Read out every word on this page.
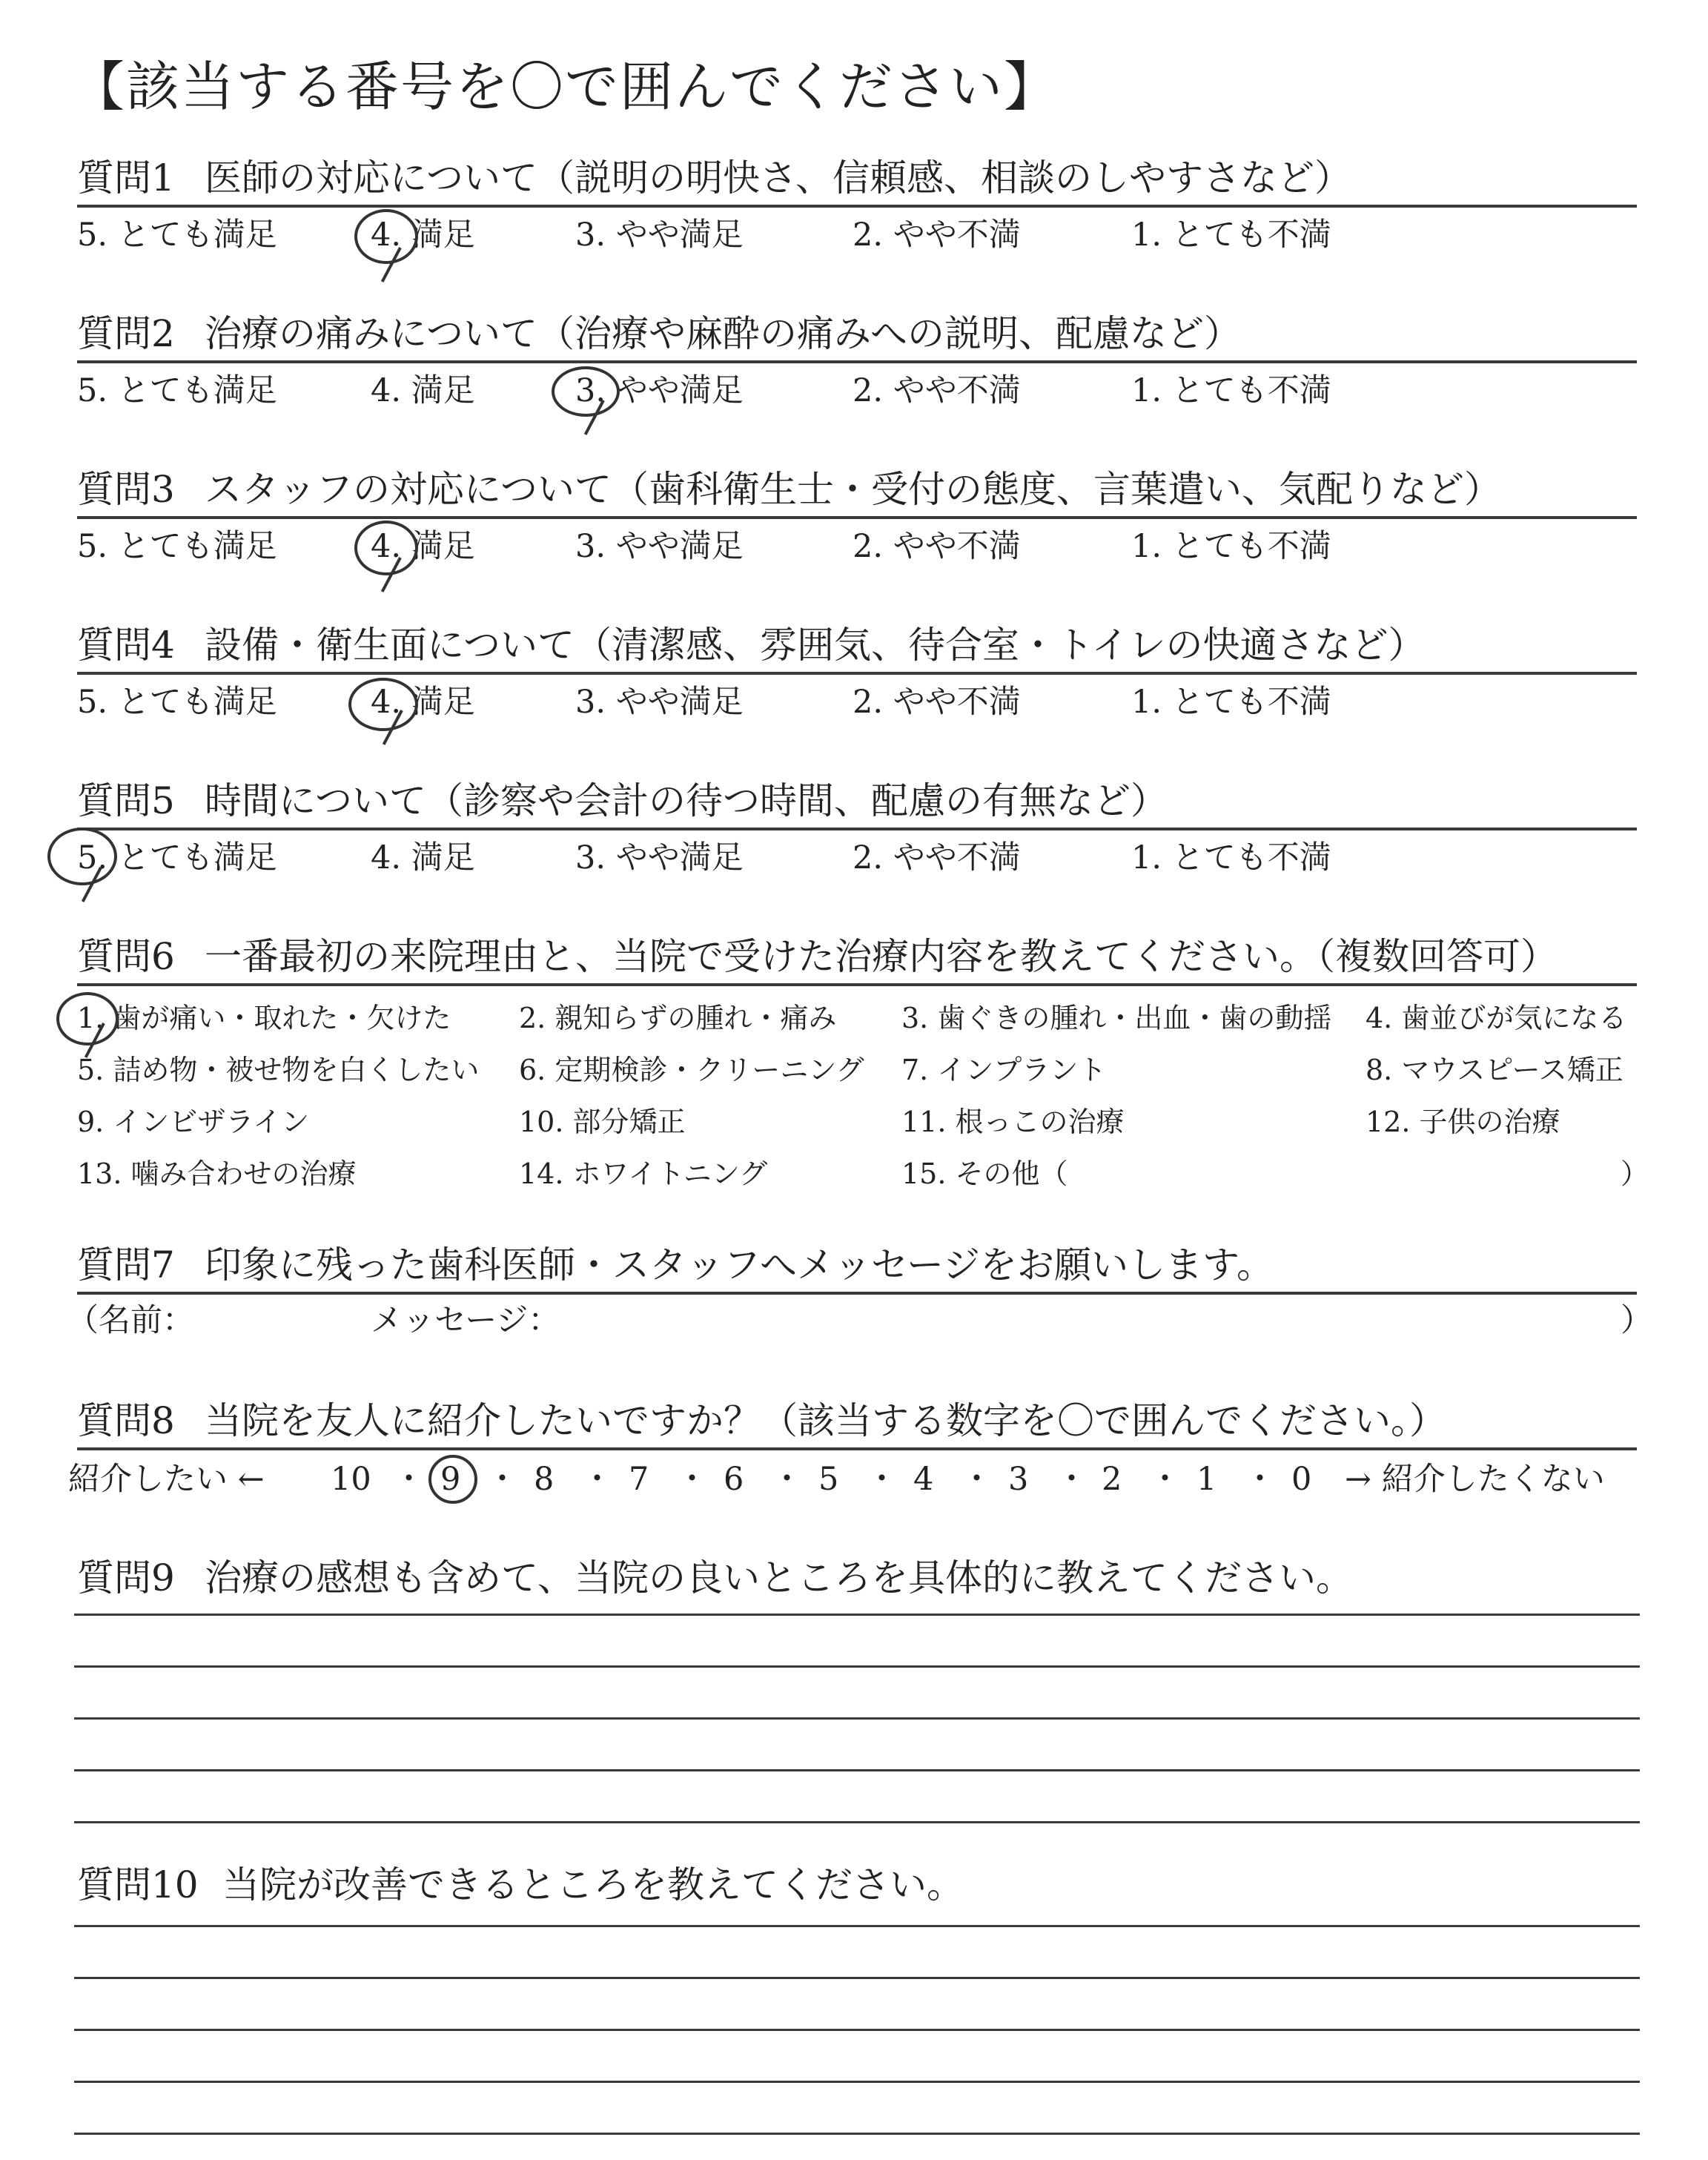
【該当する番号を〇で囲んでください】
質問1 医師の対応について（説明の明快さ、信頼感、相談のしやすさなど）
5. とても満足	4. 満足	3. やや満足	2. やや不満	1. とても不満
質問2 治療の痛みについて（治療や麻酔の痛みへの説明、配慮など）
5. とても満足	4. 満足	3. やや満足	2. やや不満	1. とても不満
質問3 スタッフの対応について（歯科衛生士・受付の態度、言葉遣い、気配りなど）
5. とても満足	4. 満足	3. やや満足	2. やや不満	1. とても不満
質問4 設備・衛生面について（清潔感、雰囲気、待合室・トイレの快適さなど）
5. とても満足	4. 満足	3. やや満足	2. やや不満	1. とても不満
質問5 時間について（診察や会計の待つ時間、配慮の有無など）
5. とても満足	4. 満足	3. やや満足	2. やや不満	1. とても不満
質問6 一番最初の来院理由と、当院で受けた治療内容を教えてください。（複数回答可）
1. 歯が痛い・取れた・欠けた 2. 親知らずの腫れ・痛み 3. 歯ぐきの腫れ・出血・歯の動揺 4. 歯並びが気になる
5. 詰め物・被せ物を白くしたい 6. 定期検診・クリーニング 7. インプラント	8. マウスピース矯正
9. インビザライン	10. 部分矯正	11. 根っこの治療	12. 子供の治療
13. 噛み合わせの治療	14. ホワイトニング	15. その他（	）
質問7 印象に残った歯科医師・スタッフへメッセージをお願いします。
（名前：	メッセージ：	）
質問8 当院を友人に紹介したいですか？（該当する数字を〇で囲んでください。）
紹介したい ← 10 ・ 9 ・ 8 ・ 7 ・ 6 ・ 5 ・ 4 ・ 3 ・ 2 ・ 1 ・ 0 → 紹介したくない
質問9 治療の感想も含めて、当院の良いところを具体的に教えてください。
質問10 当院が改善できるところを教えてください。
